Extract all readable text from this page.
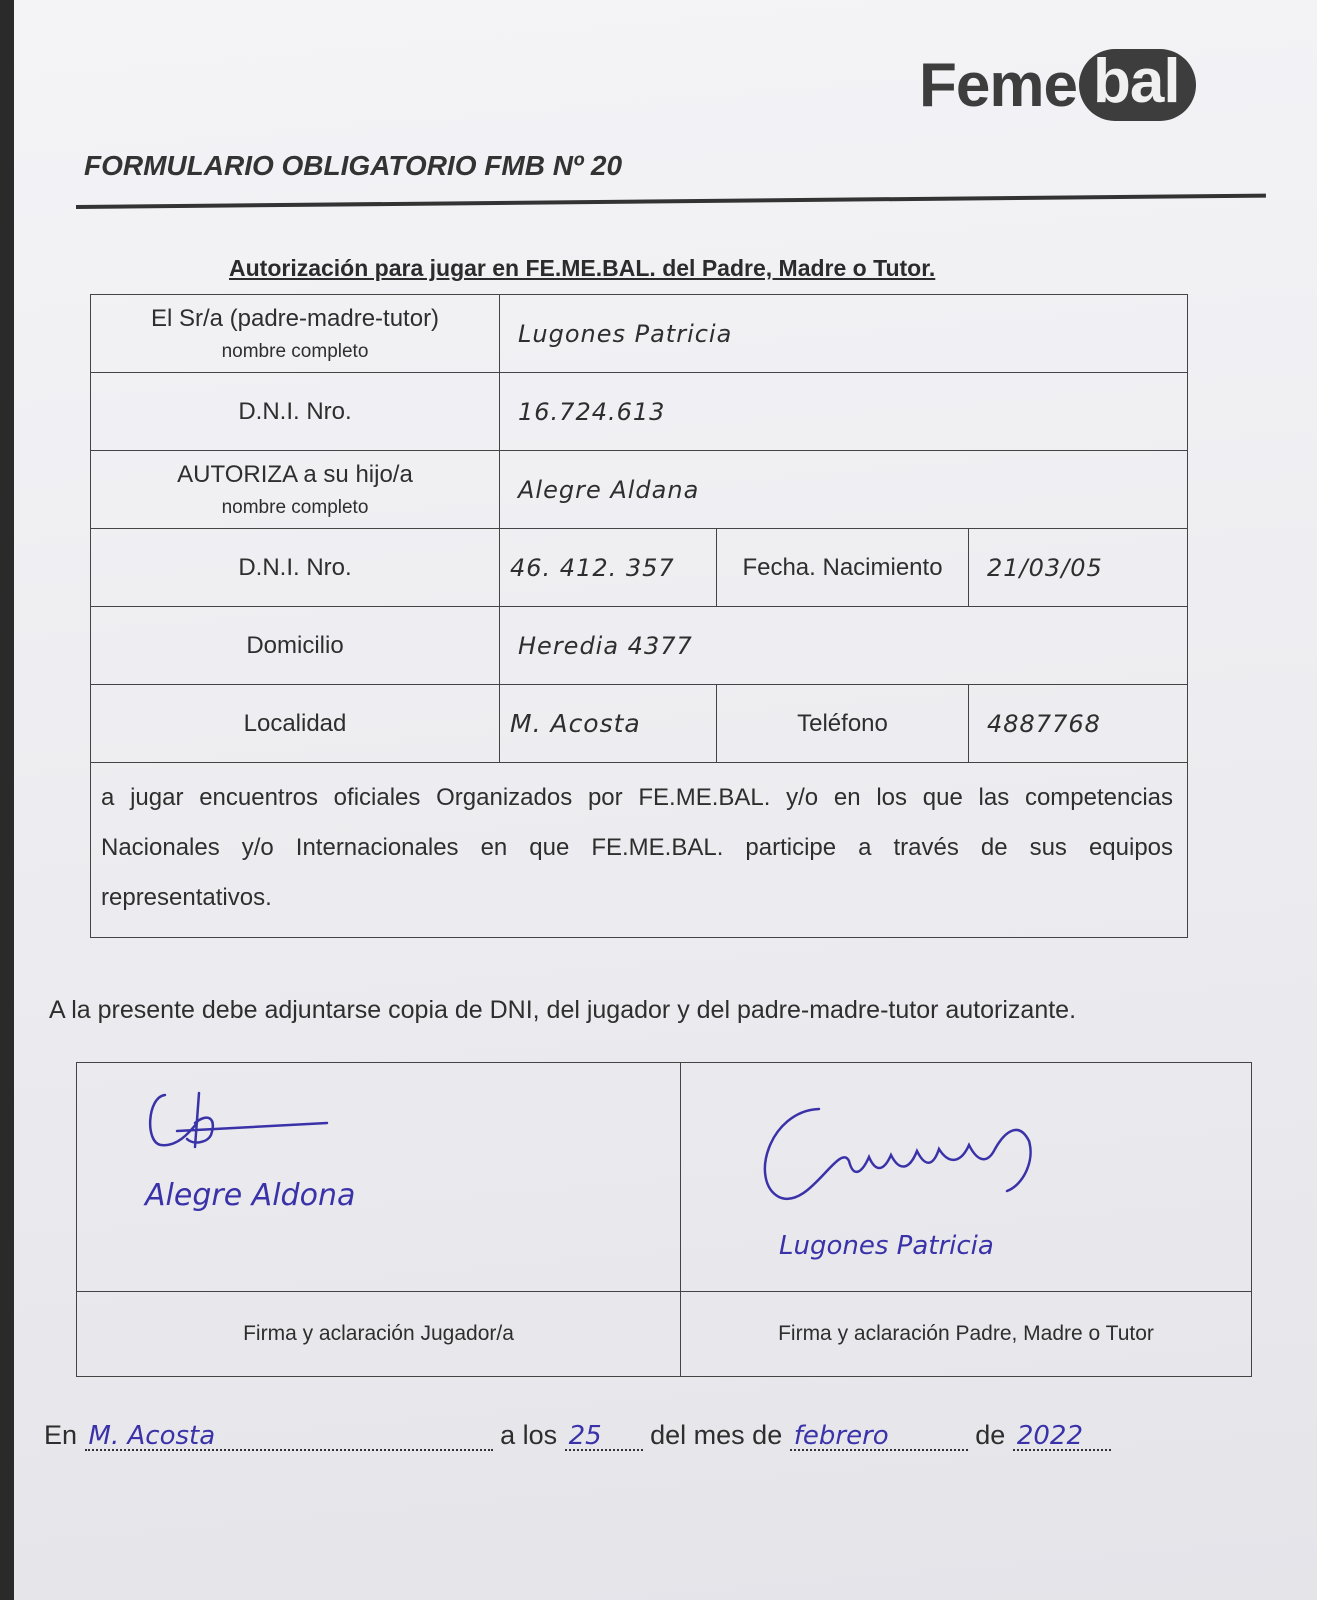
Feme bal
FORMULARIO OBLIGATORIO FMB Nº 20
Autorización para jugar en FE.ME.BAL. del Padre, Madre o Tutor.
El Sr/a (padre-madre-tutor)
nombre completo	Lugones Patricia		
D.N.I. Nro.	16.724.613		
AUTORIZA a su hijo/a
nombre completo	Alegre Aldana		
D.N.I. Nro.	46. 412. 357	Fecha. Nacimiento	21/03/05
Domicilio	Heredia 4377		
Localidad	M. Acosta	Teléfono	4887768
a jugar encuentros oficiales Organizados por FE.ME.BAL. y/o en los que las competencias Nacionales y/o Internacionales en que FE.ME.BAL. participe a través de sus equipos representativos.			
A la presente debe adjuntarse copia de DNI, del jugador y del padre-madre-tutor autorizante.
Alegre Aldona	Lugones Patricia

Firma y aclaración Jugador/a	Firma y aclaración Padre, Madre o Tutor
En M. Acosta	a los 25 del mes de febrero	de 2022
